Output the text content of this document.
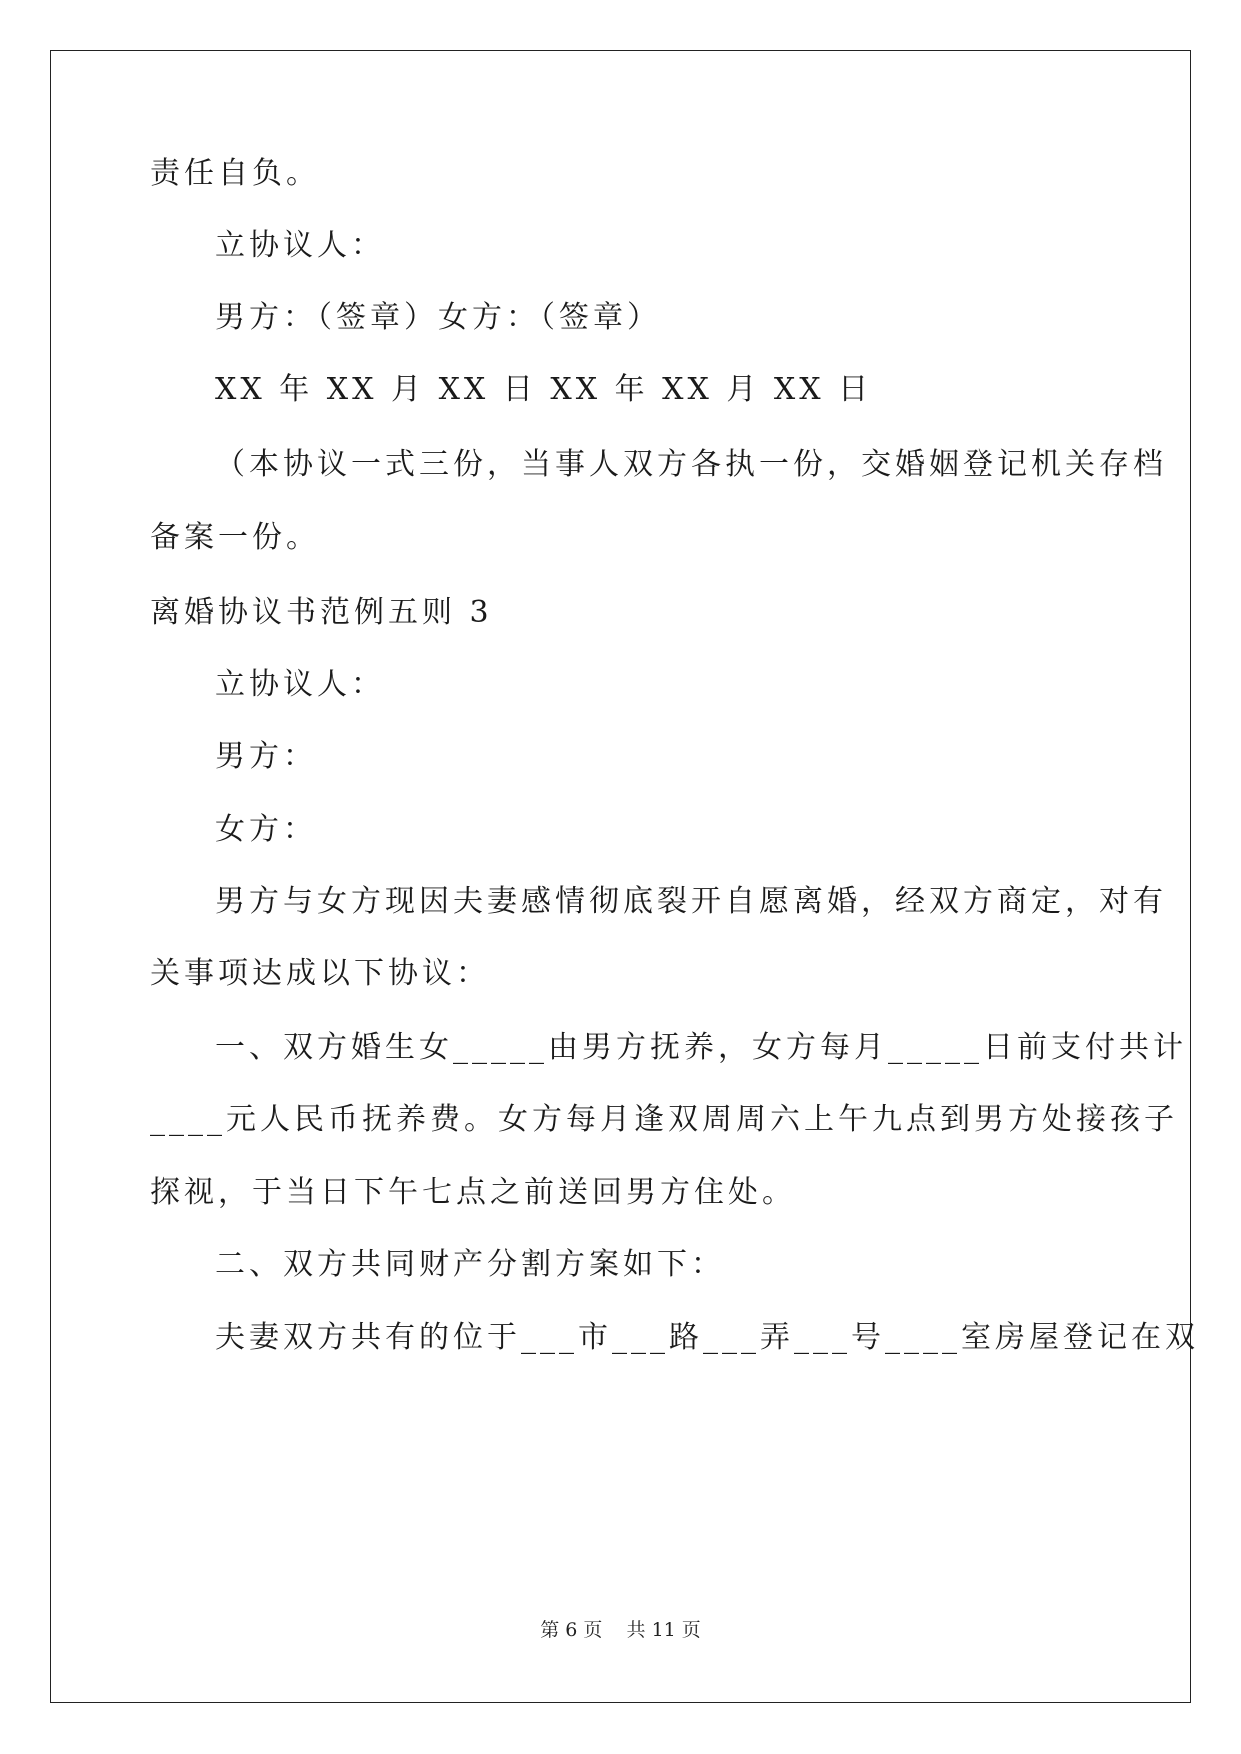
责任自负。
立协议人：
男方：（签章）女方：（签章）
XX 年 XX 月 XX 日 XX 年 XX 月 XX 日
（本协议一式三份，当事人双方各执一份，交婚姻登记机关存档
备案一份。
离婚协议书范例五则 3
立协议人：
男方：
女方：
男方与女方现因夫妻感情彻底裂开自愿离婚，经双方商定，对有
关事项达成以下协议：
一、双方婚生女_____由男方抚养，女方每月_____日前支付共计
____元人民币抚养费。女方每月逢双周周六上午九点到男方处接孩子
探视，于当日下午七点之前送回男方住处。
二、双方共同财产分割方案如下：
夫妻双方共有的位于___市___路___弄___号____室房屋登记在双
第 6 页    共 11 页
